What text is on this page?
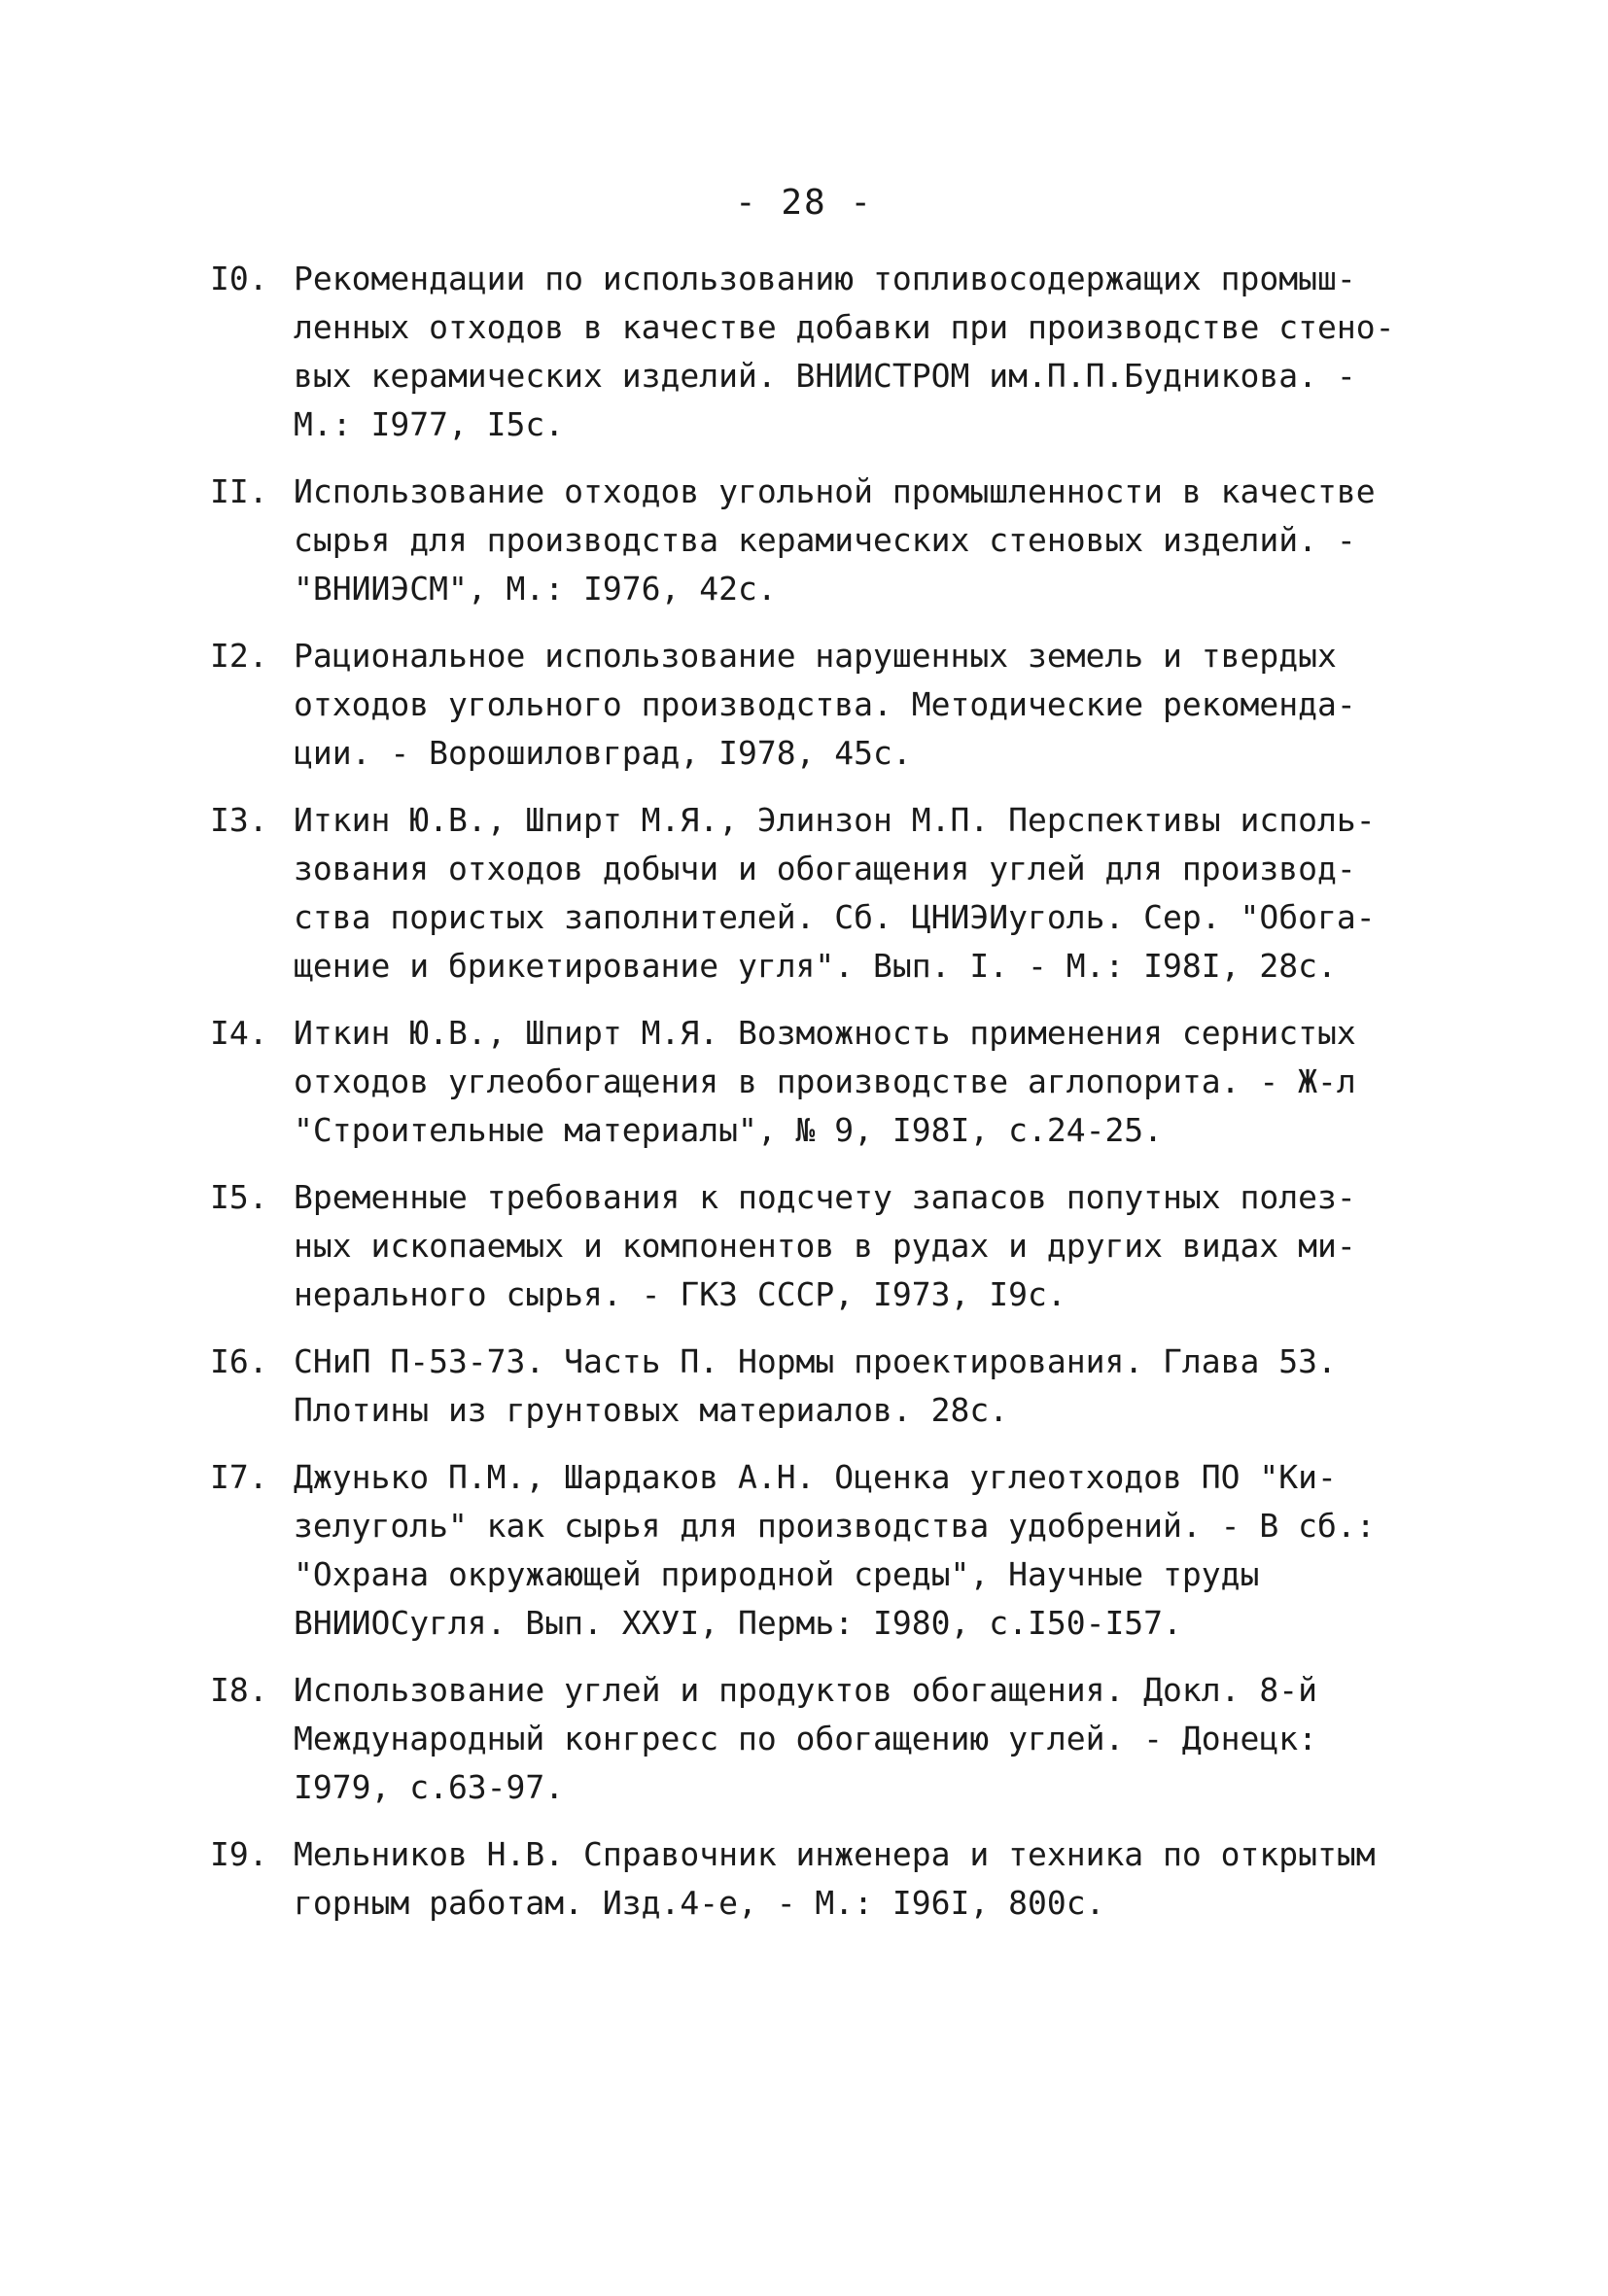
- 28 -
I0. Рекомендации по использованию топливосодержащих промыш-
ленных отходов в качестве добавки при производстве стено-
вых керамических изделий. ВНИИСТРОМ им.П.П.Будникова. -
М.: I977, I5с.
II. Использование отходов угольной промышленности в качестве
сырья для производства керамических стеновых изделий. -
"ВНИИЭСМ", М.: I976, 42с.
I2. Рациональное использование нарушенных земель и твердых
отходов угольного производства. Методические рекоменда-
ции. - Ворошиловград, I978, 45с.
I3. Иткин Ю.В., Шпирт М.Я., Элинзон М.П. Перспективы исполь-
зования отходов добычи и обогащения углей для производ-
ства пористых заполнителей. Сб. ЦНИЭИуголь. Сер. "Обога-
щение и брикетирование угля". Вып. I. - М.: I98I, 28с.
I4. Иткин Ю.В., Шпирт М.Я. Возможность применения сернистых
отходов углеобогащения в производстве аглопорита. - Ж-л
"Строительные материалы", № 9, I98I, с.24-25.
I5. Временные требования к подсчету запасов попутных полез-
ных ископаемых и компонентов в рудах и других видах ми-
нерального сырья. - ГКЗ СССР, I973, I9с.
I6. СНиП П-53-73. Часть П. Нормы проектирования. Глава 53.
Плотины из грунтовых материалов. 28с.
I7. Джунько П.М., Шардаков А.Н. Оценка углеотходов ПО "Ки-
зелуголь" как сырья для производства удобрений. - В сб.:
"Охрана окружающей природной среды", Научные труды
ВНИИОСугля. Вып. XXУI, Пермь: I980, с.I50-I57.
I8. Использование углей и продуктов обогащения. Докл. 8-й
Международный конгресс по обогащению углей. - Донецк:
I979, с.63-97.
I9. Мельников Н.В. Справочник инженера и техника по открытым
горным работам. Изд.4-е, - М.: I96I, 800с.
